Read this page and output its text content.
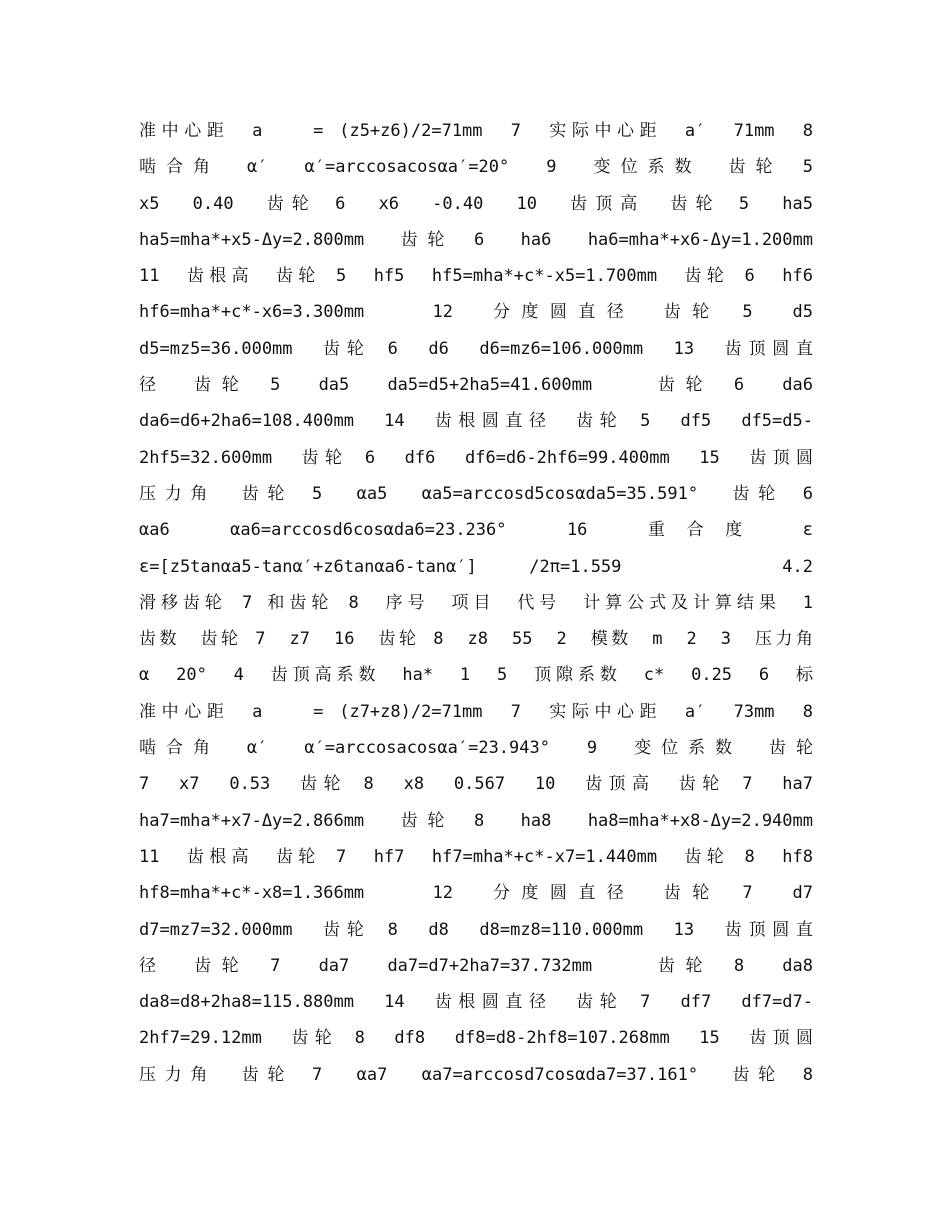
准中心距　a　　= (z5+z6)/2=71mm　7　实际中心距　a′　71mm　8
啮合角　α′　α′=arccosacosαa′=20°　9　变位系数　齿轮 5
x5　0.40　齿轮 6　x6　-0.40　10　齿顶高　齿轮 5　ha5
ha5=mha*+x5-Δy=2.800mm　齿轮 6　ha6　ha6=mha*+x6-Δy=1.200mm
11　齿根高　齿轮 5　hf5　hf5=mha*+c*-x5=1.700mm　齿轮 6　hf6
hf6=mha*+c*-x6=3.300mm　　12　分度圆直径　齿轮 5　d5
d5=mz5=36.000mm　齿轮 6　d6　d6=mz6=106.000mm　13　齿顶圆直
径　齿轮 5　da5　da5=d5+2ha5=41.600mm　　齿轮 6　da6
da6=d6+2ha6=108.400mm　14　齿根圆直径　齿轮 5　df5　df5=d5-
2hf5=32.600mm　齿轮 6　df6　df6=d6-2hf6=99.400mm　15　齿顶圆
压力角　齿轮 5　αa5　αa5=arccosd5cosαda5=35.591°　齿轮 6
αa6　αa6=arccosd6cosαda6=23.236°　16　重合度　ε
ε=[z5tanαa5-tanα′+z6tanαa6-tanα′] /2π=1.559　　4.2
滑移齿轮 7 和齿轮 8　序号　项目　代号　计算公式及计算结果　1
齿数　齿轮 7　z7　16　齿轮 8　z8　55　2　模数　m　2　3　压力角
α　20°　4　齿顶高系数　ha*　1　5　顶隙系数　c*　0.25　6　标
准中心距　a　　= (z7+z8)/2=71mm　7　实际中心距　a′　73mm　8
啮合角　α′　α′=arccosacosαa′=23.943°　9　变位系数　齿轮
7　x7　0.53　齿轮 8　x8　0.567　10　齿顶高　齿轮 7　ha7
ha7=mha*+x7-Δy=2.866mm　齿轮 8　ha8　ha8=mha*+x8-Δy=2.940mm
11　齿根高　齿轮 7　hf7　hf7=mha*+c*-x7=1.440mm　齿轮 8　hf8
hf8=mha*+c*-x8=1.366mm　　12　分度圆直径　齿轮 7　d7
d7=mz7=32.000mm　齿轮 8　d8　d8=mz8=110.000mm　13　齿顶圆直
径　齿轮 7　da7　da7=d7+2ha7=37.732mm　　齿轮 8　da8
da8=d8+2ha8=115.880mm　14　齿根圆直径　齿轮 7　df7　df7=d7-
2hf7=29.12mm　齿轮 8　df8　df8=d8-2hf8=107.268mm　15　齿顶圆
压力角　齿轮 7　αa7　αa7=arccosd7cosαda7=37.161°　齿轮 8
